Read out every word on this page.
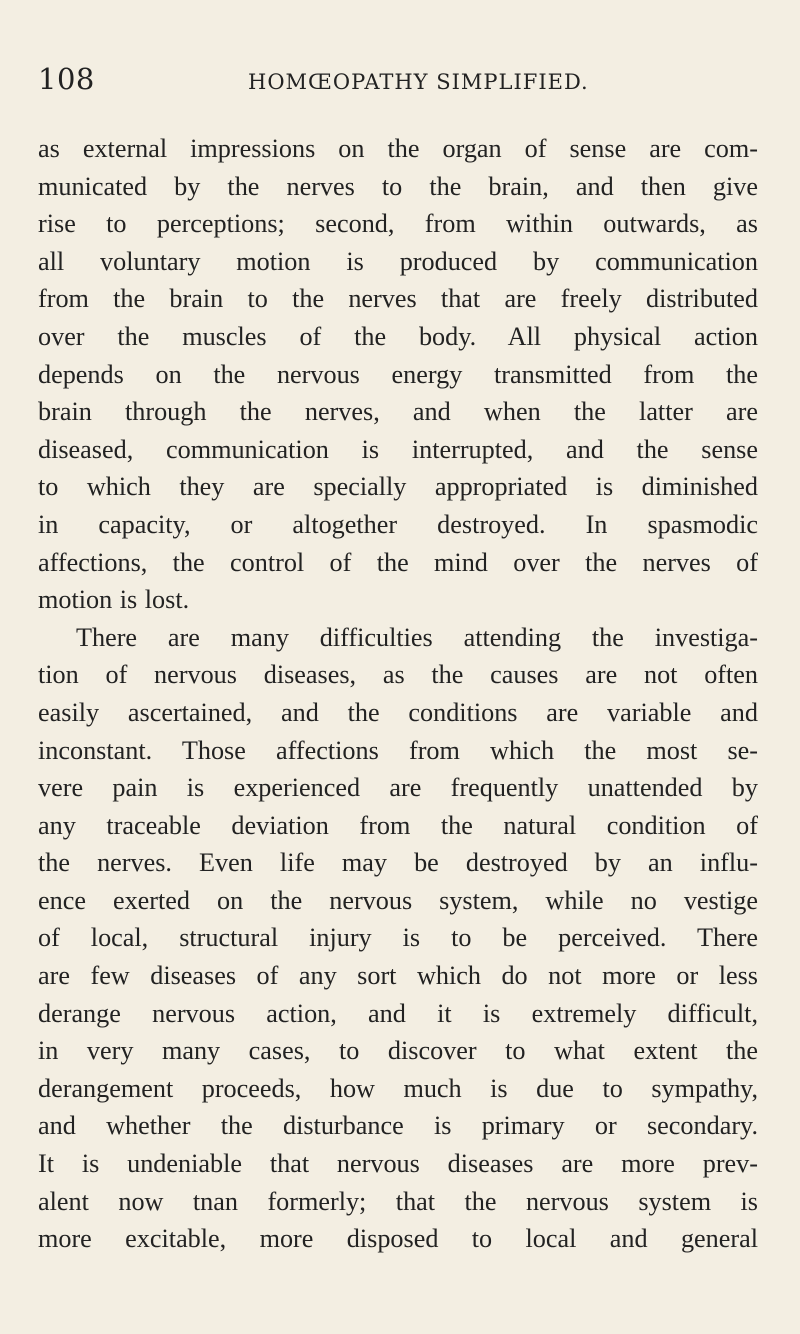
108	HOMŒOPATHY SIMPLIFIED.
as external impressions on the organ of sense are com-
municated by the nerves to the brain, and then give
rise to perceptions; second, from within outwards, as
all voluntary motion is produced by communication
from the brain to the nerves that are freely distributed
over the muscles of the body. All physical action
depends on the nervous energy transmitted from the
brain through the nerves, and when the latter are
diseased, communication is interrupted, and the sense
to which they are specially appropriated is diminished
in capacity, or altogether destroyed. In spasmodic
affections, the control of the mind over the nerves of
motion is lost.
There are many difficulties attending the investiga-
tion of nervous diseases, as the causes are not often
easily ascertained, and the conditions are variable and
inconstant. Those affections from which the most se-
vere pain is experienced are frequently unattended by
any traceable deviation from the natural condition of
the nerves. Even life may be destroyed by an influ-
ence exerted on the nervous system, while no vestige
of local, structural injury is to be perceived. There
are few diseases of any sort which do not more or less
derange nervous action, and it is extremely difficult,
in very many cases, to discover to what extent the
derangement proceeds, how much is due to sympathy,
and whether the disturbance is primary or secondary.
It is undeniable that nervous diseases are more prev-
alent now tnan formerly; that the nervous system is
more excitable, more disposed to local and general
